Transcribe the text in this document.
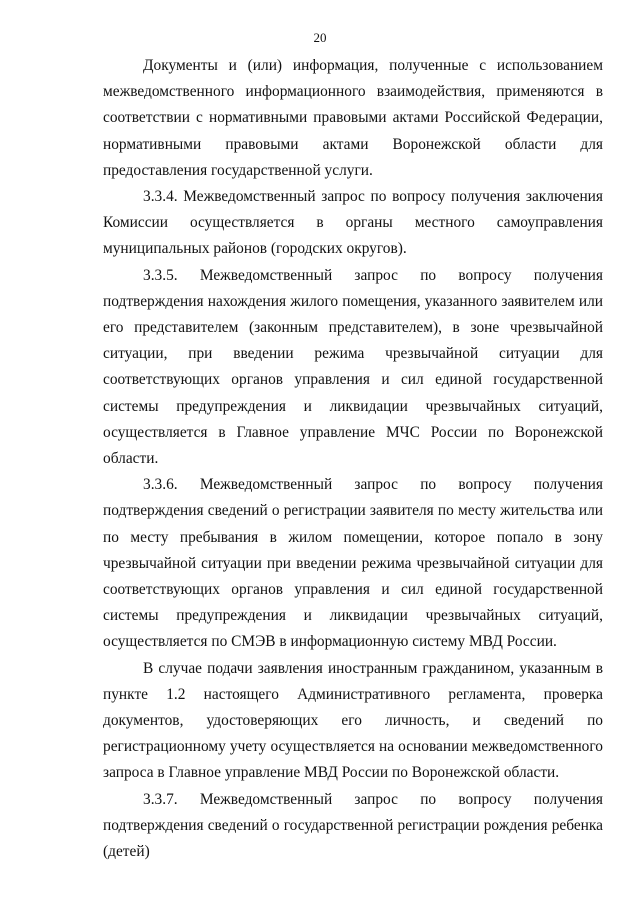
20

Документы и (или) информация, полученные с использованием межведомственного информационного взаимодействия, применяются в соответствии с нормативными правовыми актами Российской Федерации, нормативными правовыми актами Воронежской области для предоставления государственной услуги.

3.3.4. Межведомственный запрос по вопросу получения заключения Комиссии осуществляется в органы местного самоуправления муниципальных районов (городских округов).

3.3.5. Межведомственный запрос по вопросу получения подтверждения нахождения жилого помещения, указанного заявителем или его представителем (законным представителем), в зоне чрезвычайной ситуации, при введении режима чрезвычайной ситуации для соответствующих органов управления и сил единой государственной системы предупреждения и ликвидации чрезвычайных ситуаций, осуществляется в Главное управление МЧС России по Воронежской области.

3.3.6. Межведомственный запрос по вопросу получения подтверждения сведений о регистрации заявителя по месту жительства или по месту пребывания в жилом помещении, которое попало в зону чрезвычайной ситуации при введении режима чрезвычайной ситуации для соответствующих органов управления и сил единой государственной системы предупреждения и ликвидации чрезвычайных ситуаций, осуществляется по СМЭВ в информационную систему МВД России.

В случае подачи заявления иностранным гражданином, указанным в пункте 1.2 настоящего Административного регламента, проверка документов, удостоверяющих его личность, и сведений по регистрационному учету осуществляется на основании межведомственного запроса в Главное управление МВД России по Воронежской области.

3.3.7. Межведомственный запрос по вопросу получения подтверждения сведений о государственной регистрации рождения ребенка (детей)
